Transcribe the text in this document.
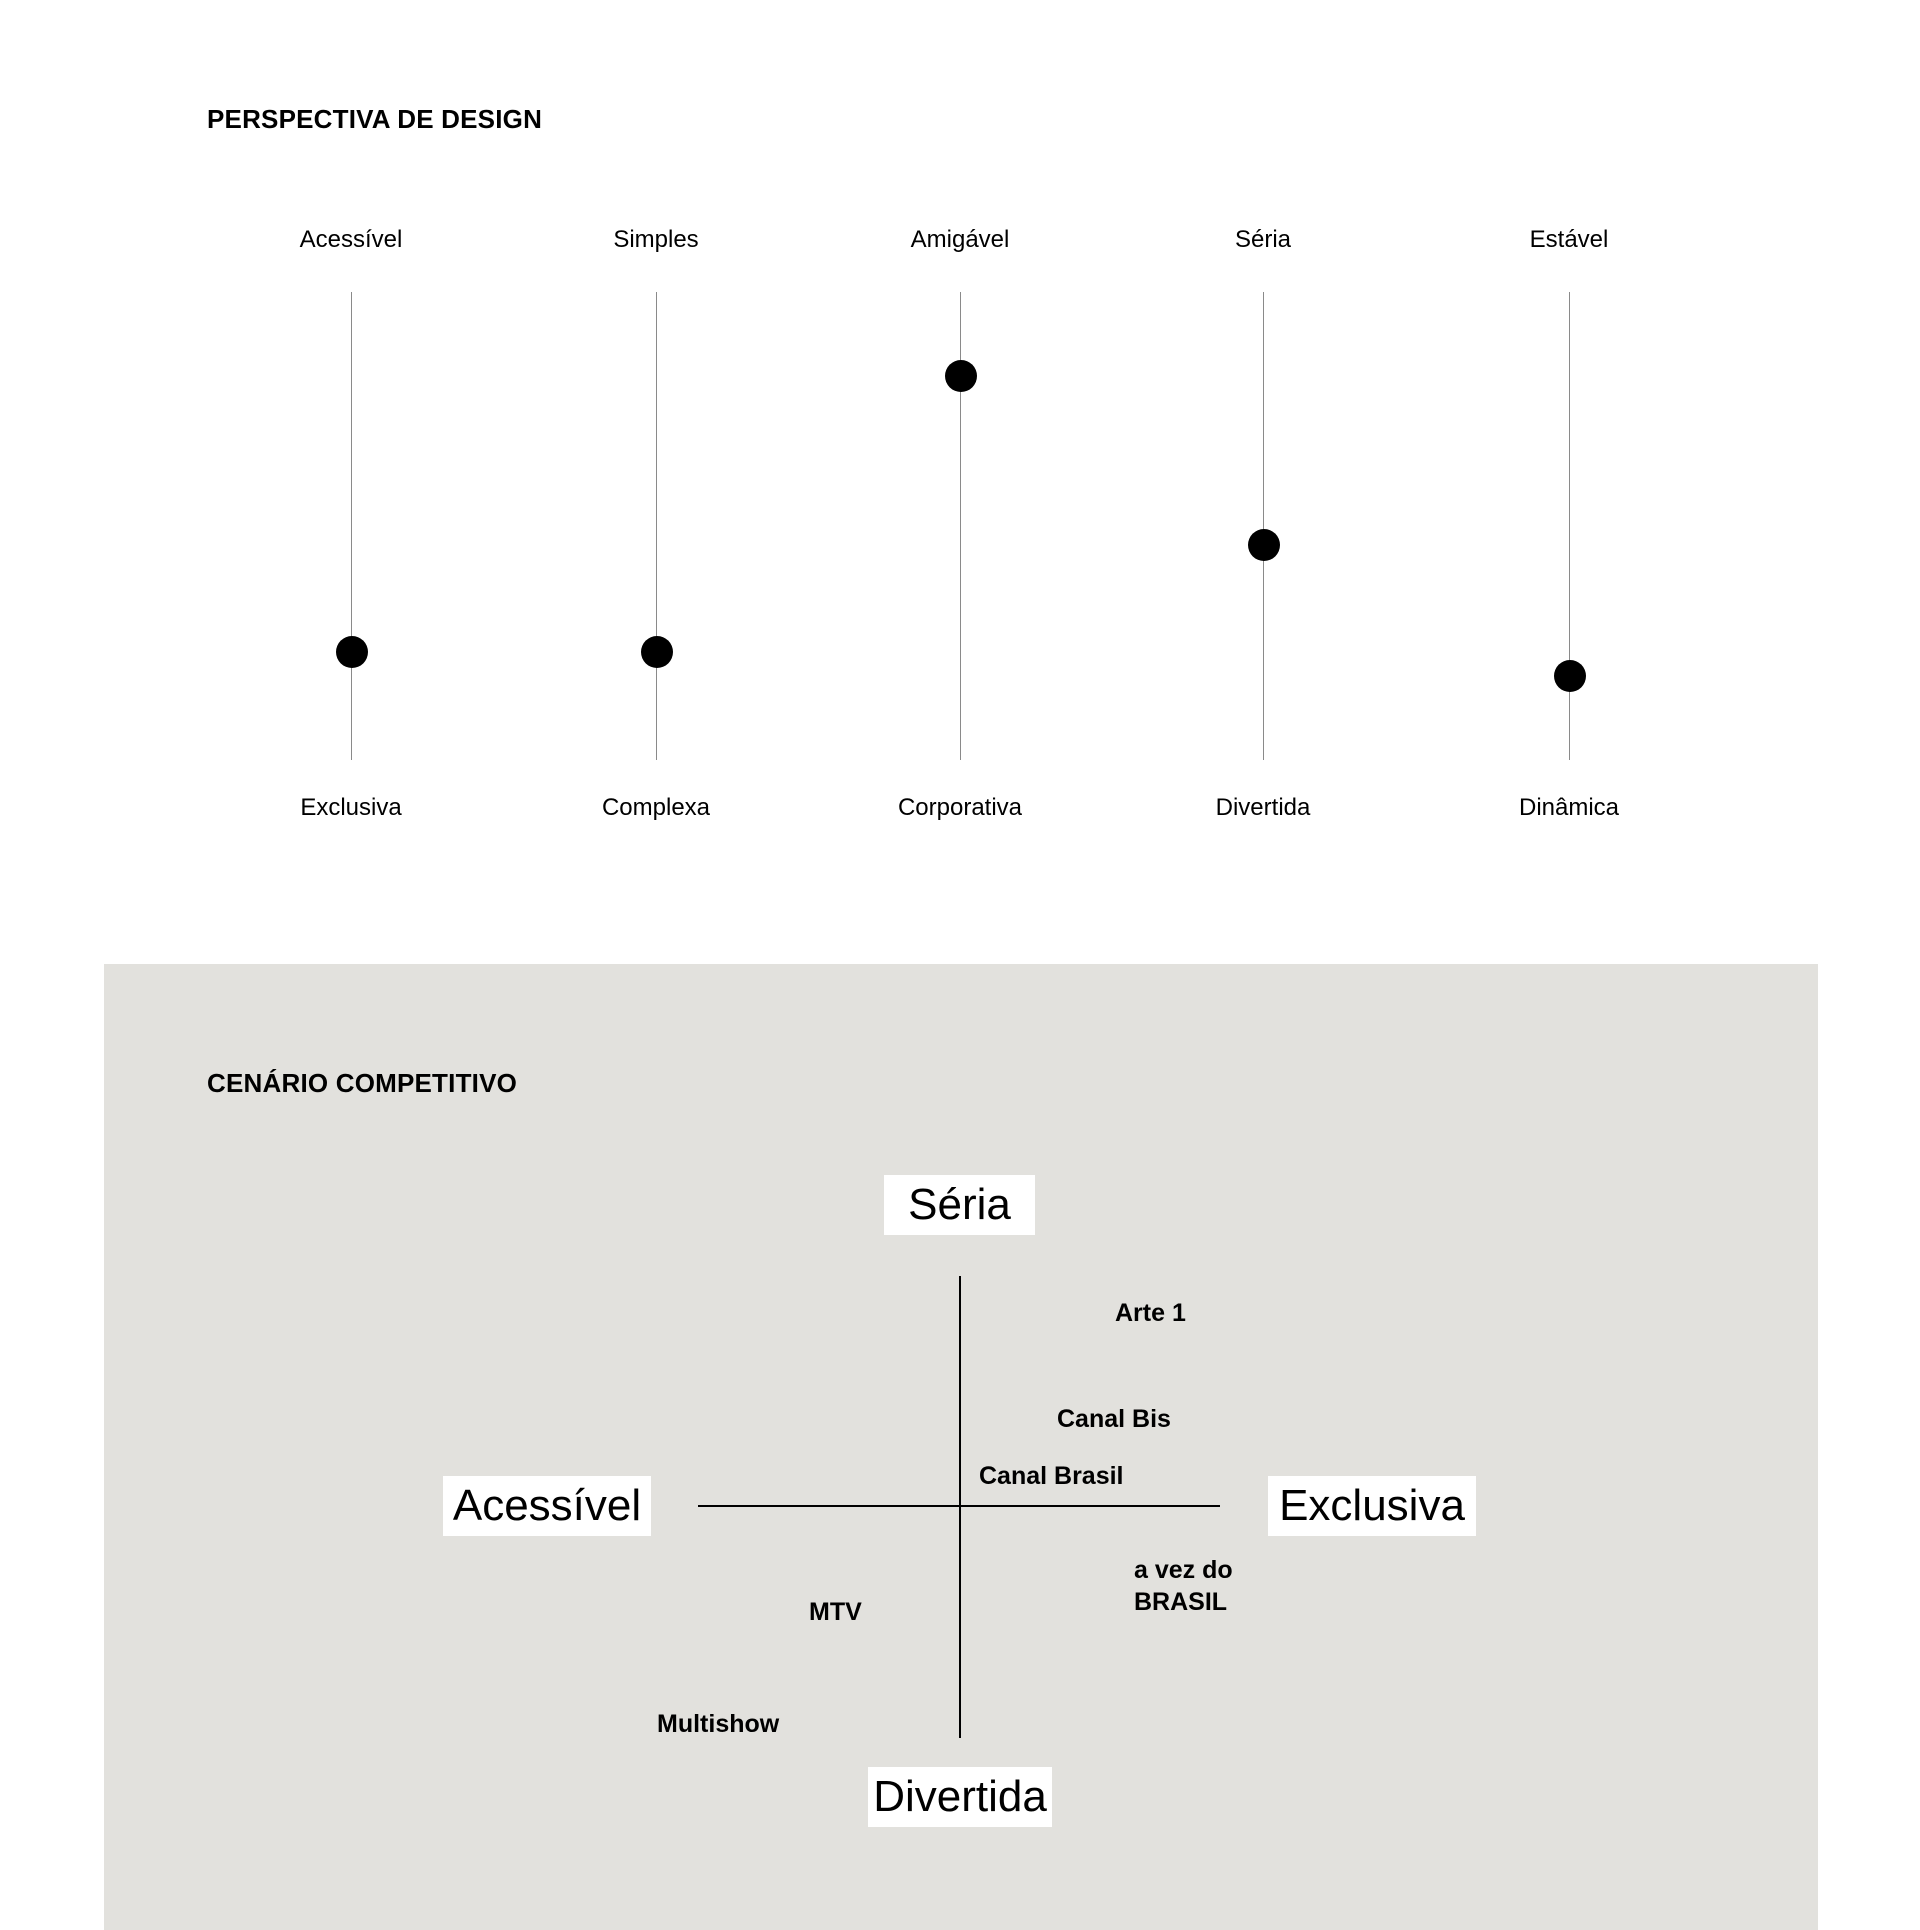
PERSPECTIVA DE DESIGN
Acessível
Exclusiva
Simples
Complexa
Amigável
Corporativa
Séria
Divertida
Estável
Dinâmica
CENÁRIO COMPETITIVO
Séria
Divertida
Acessível	Exclusiva
Arte 1
Canal Bis
Canal Brasil
a vez do
BRASIL
MTV
Multishow
